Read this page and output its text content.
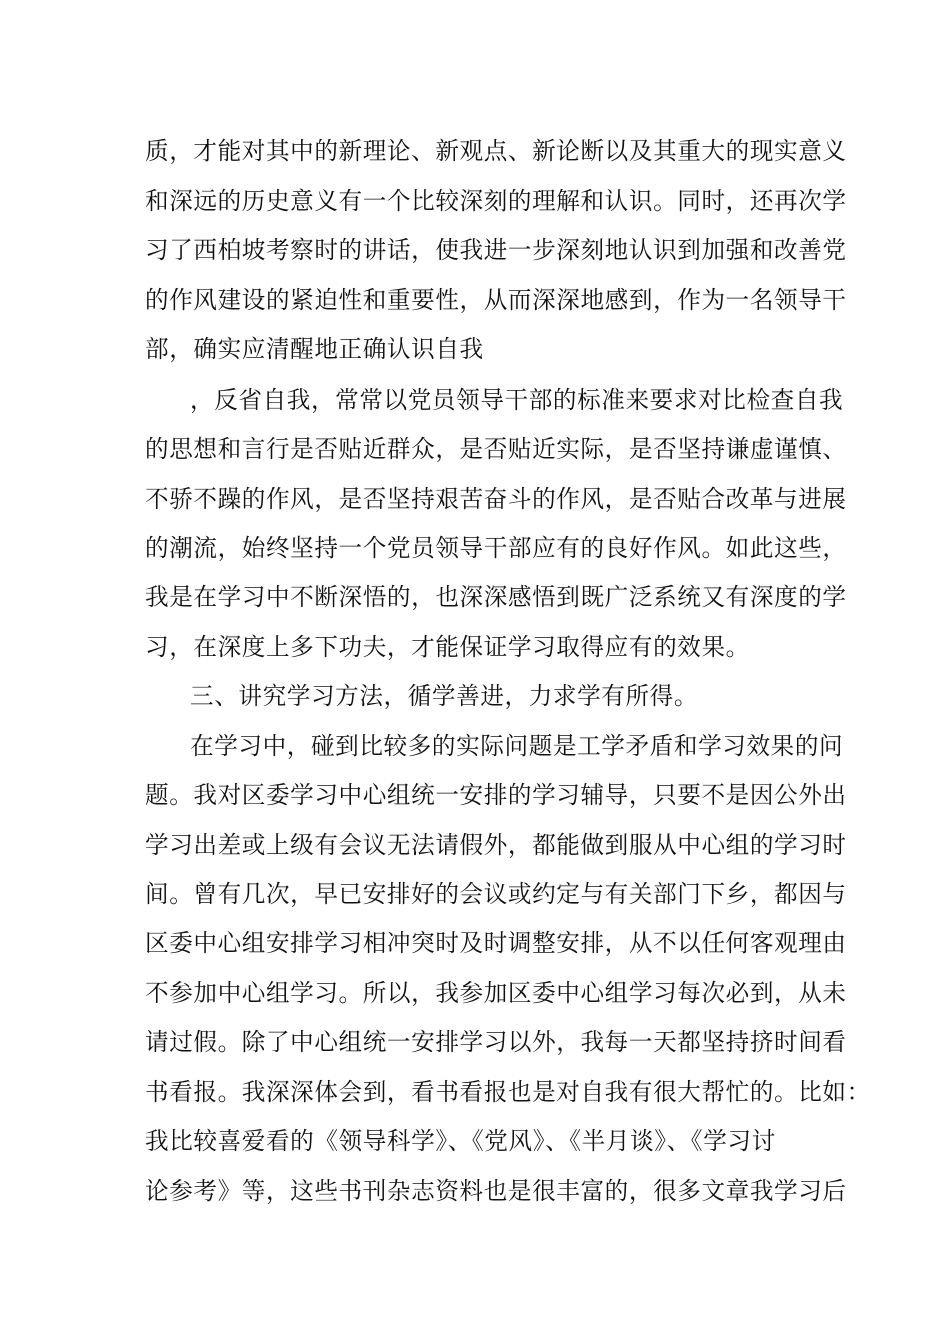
质，才能对其中的新理论、新观点、新论断以及其重大的现实意义
和深远的历史意义有一个比较深刻的理解和认识。同时，还再次学
习了西柏坡考察时的讲话，使我进一步深刻地认识到加强和改善党
的作风建设的紧迫性和重要性，从而深深地感到，作为一名领导干
部，确实应清醒地正确认识自我
，反省自我，常常以党员领导干部的标准来要求对比检查自我
的思想和言行是否贴近群众，是否贴近实际，是否坚持谦虚谨慎、
不骄不躁的作风，是否坚持艰苦奋斗的作风，是否贴合改革与进展
的潮流，始终坚持一个党员领导干部应有的良好作风。如此这些，
我是在学习中不断深悟的，也深深感悟到既广泛系统又有深度的学
习，在深度上多下功夫，才能保证学习取得应有的效果。
三、讲究学习方法，循学善进，力求学有所得。
在学习中，碰到比较多的实际问题是工学矛盾和学习效果的问
题。我对区委学习中心组统一安排的学习辅导，只要不是因公外出
学习出差或上级有会议无法请假外，都能做到服从中心组的学习时
间。曾有几次，早已安排好的会议或约定与有关部门下乡，都因与
区委中心组安排学习相冲突时及时调整安排，从不以任何客观理由
不参加中心组学习。所以，我参加区委中心组学习每次必到，从未
请过假。除了中心组统一安排学习以外，我每一天都坚持挤时间看
书看报。我深深体会到，看书看报也是对自我有很大帮忙的。比如：
我比较喜爱看的《领导科学》、《党风》、《半月谈》、《学习讨
论参考》等，这些书刊杂志资料也是很丰富的，很多文章我学习后
